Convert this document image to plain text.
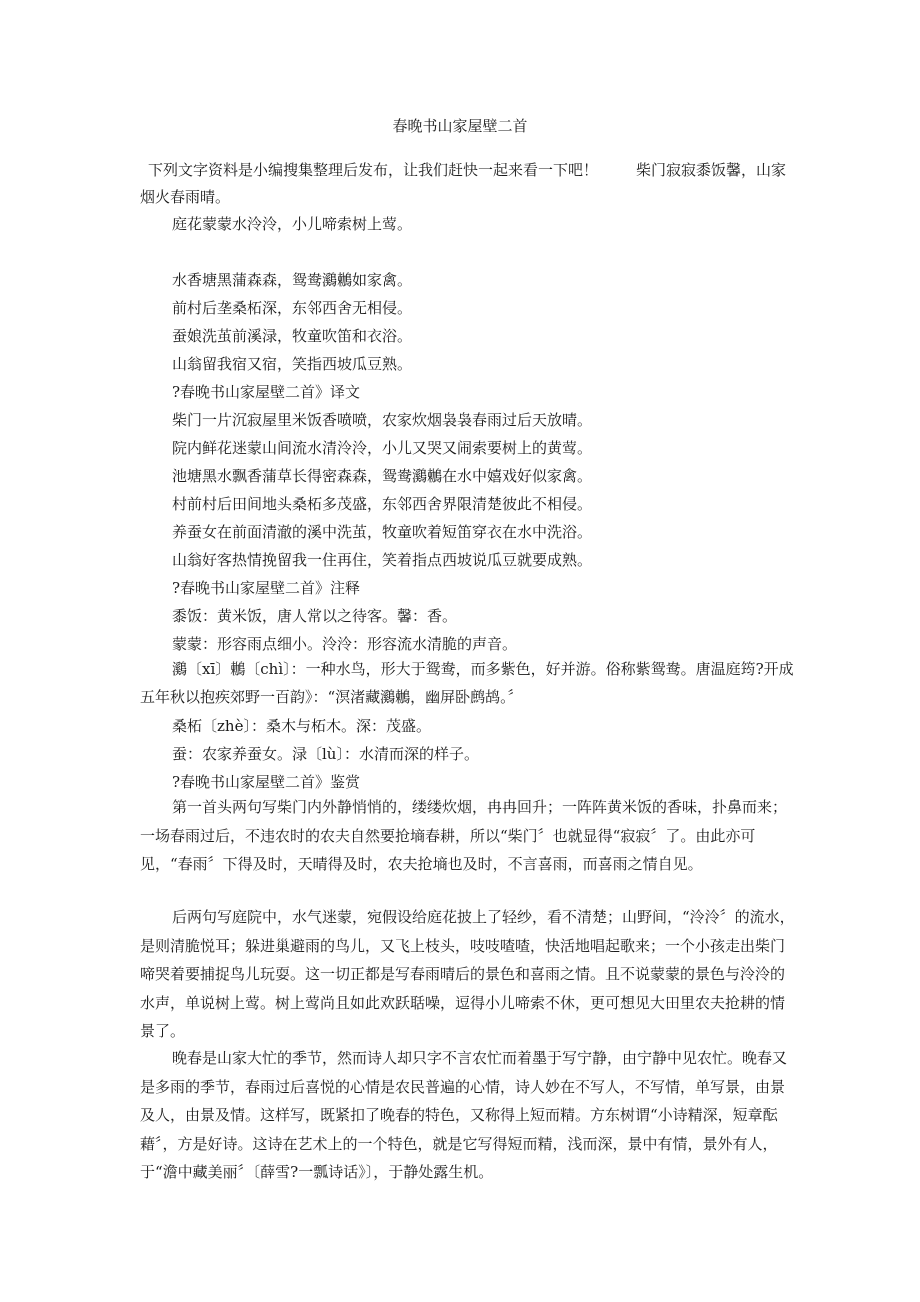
春晚书山家屋壁二首
下列文字资料是小编搜集整理后发布，让我们赶快一起来看一下吧！	柴门寂寂黍饭馨，山家烟火春雨晴。
庭花蒙蒙水泠泠，小儿啼索树上莺。
水香塘黑蒲森森，鸳鸯鸂鶒如家禽。
前村后垄桑柘深，东邻西舍无相侵。
蚕娘洗茧前溪渌，牧童吹笛和衣浴。
山翁留我宿又宿，笑指西坡瓜豆熟。
?春晚书山家屋壁二首》译文
柴门一片沉寂屋里米饭香喷喷，农家炊烟袅袅春雨过后天放晴。
院内鲜花迷蒙山间流水清泠泠，小儿又哭又闹索要树上的黄莺。
池塘黑水飘香蒲草长得密森森，鸳鸯鸂鶒在水中嬉戏好似家禽。
村前村后田间地头桑柘多茂盛，东邻西舍界限清楚彼此不相侵。
养蚕女在前面清澈的溪中洗茧，牧童吹着短笛穿衣在水中洗浴。
山翁好客热情挽留我一住再住，笑着指点西坡说瓜豆就要成熟。
?春晚书山家屋壁二首》注释
黍饭：黄米饭，唐人常以之待客。馨：香。
蒙蒙：形容雨点细小。泠泠：形容流水清脆的声音。
鸂〔xī〕鶒〔chì〕：一种水鸟，形大于鸳鸯，而多紫色，好并游。俗称紫鸳鸯。唐温庭筠?开成五年秋以抱疾郊野一百韵》：“溟渚藏鸂鶒，幽屏卧鹧鸪。〞
桑柘〔zhè〕：桑木与柘木。深：茂盛。
蚕：农家养蚕女。渌〔lù〕：水清而深的样子。
?春晚书山家屋壁二首》鉴赏
第一首头两句写柴门内外静悄悄的，缕缕炊烟，冉冉回升；一阵阵黄米饭的香味，扑鼻而来；一场春雨过后，不违农时的农夫自然要抢墒春耕，所以“柴门〞也就显得“寂寂〞了。由此亦可见，“春雨〞下得及时，天晴得及时，农夫抢墒也及时，不言喜雨，而喜雨之情自见。
后两句写庭院中，水气迷蒙，宛假设给庭花披上了轻纱，看不清楚；山野间，“泠泠〞的流水，是则清脆悦耳；躲进巢避雨的鸟儿，又飞上枝头，吱吱喳喳，快活地唱起歌来；一个小孩走出柴门啼哭着要捕捉鸟儿玩耍。这一切正都是写春雨晴后的景色和喜雨之情。且不说蒙蒙的景色与泠泠的水声，单说树上莺。树上莺尚且如此欢跃聒噪，逗得小儿啼索不休，更可想见大田里农夫抢耕的情景了。
晚春是山家大忙的季节，然而诗人却只字不言农忙而着墨于写宁静，由宁静中见农忙。晚春又是多雨的季节，春雨过后喜悦的心情是农民普遍的心情，诗人妙在不写人，不写情，单写景，由景及人，由景及情。这样写，既紧扣了晚春的特色，又称得上短而精。方东树谓“小诗精深，短章酝藉〞，方是好诗。这诗在艺术上的一个特色，就是它写得短而精，浅而深，景中有情，景外有人，于“澹中藏美丽〞〔薛雪?一瓢诗话》〕，于静处露生机。
